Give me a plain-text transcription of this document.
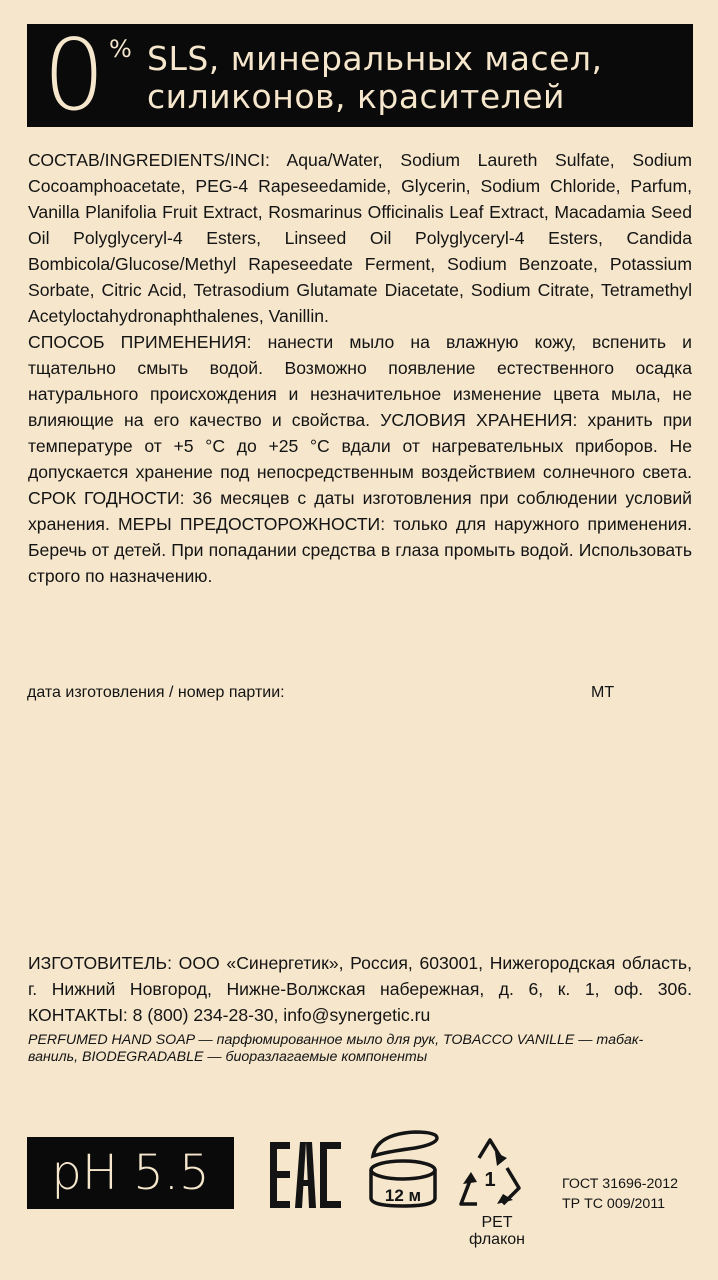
0 % SLS, минеральных масел,
силиконов, красителей

СОСТАВ/INGREDIENTS/INCI: Aqua/Water, Sodium Laureth Sulfate, Sodium Cocoamphoacetate, PEG-4 Rapeseedamide, Glycerin, Sodium Chloride, Parfum, Vanilla Planifolia Fruit Extract, Rosmarinus Officinalis Leaf Extract, Macadamia Seed Oil Polyglyceryl-4 Esters, Linseed Oil Polyglyceryl-4 Esters, Candida Bombicola/Glucose/Methyl Rapeseedate Ferment, Sodium Benzoate, Potassium Sorbate, Citric Acid, Tetrasodium Glutamate Diacetate, Sodium Citrate, Tetramethyl Acetyloctahydronaphthalenes, Vanillin.

СПОСОБ ПРИМЕНЕНИЯ: нанести мыло на влажную кожу, вспенить и тщательно смыть водой. Возможно появление естественного осадка натурального происхождения и незначительное изменение цвета мыла, не влияющие на его качество и свойства. УСЛОВИЯ ХРАНЕНИЯ: хранить при температуре от +5 °С до +25 °С вдали от нагревательных приборов. Не допускается хранение под непосредственным воздействием солнечного света. СРОК ГОДНОСТИ: 36 месяцев с даты изготовления при соблюдении условий хранения. МЕРЫ ПРЕДОСТОРОЖНОСТИ: только для наружного применения. Беречь от детей. При попадании средства в глаза промыть водой. Использовать строго по назначению.

дата изготовления / номер партии:	MT
ИЗГОТОВИТЕЛЬ: ООО «Синергетик», Россия, 603001, Нижегородская область, г. Нижний Новгород, Нижне-Волжская набережная, д. 6, к. 1, оф. 306. КОНТАКТЫ: 8 (800) 234-28-30, info@synergetic.ru
PERFUMED HAND SOAP — парфюмированное мыло для рук, TOBACCO VANILLE — табак-ваниль, BIODEGRADABLE — биоразлагаемые компоненты
pH 5.5	12 м
1
PET
флакон
ГОСТ 31696-2012
ТР ТС 009/2011
